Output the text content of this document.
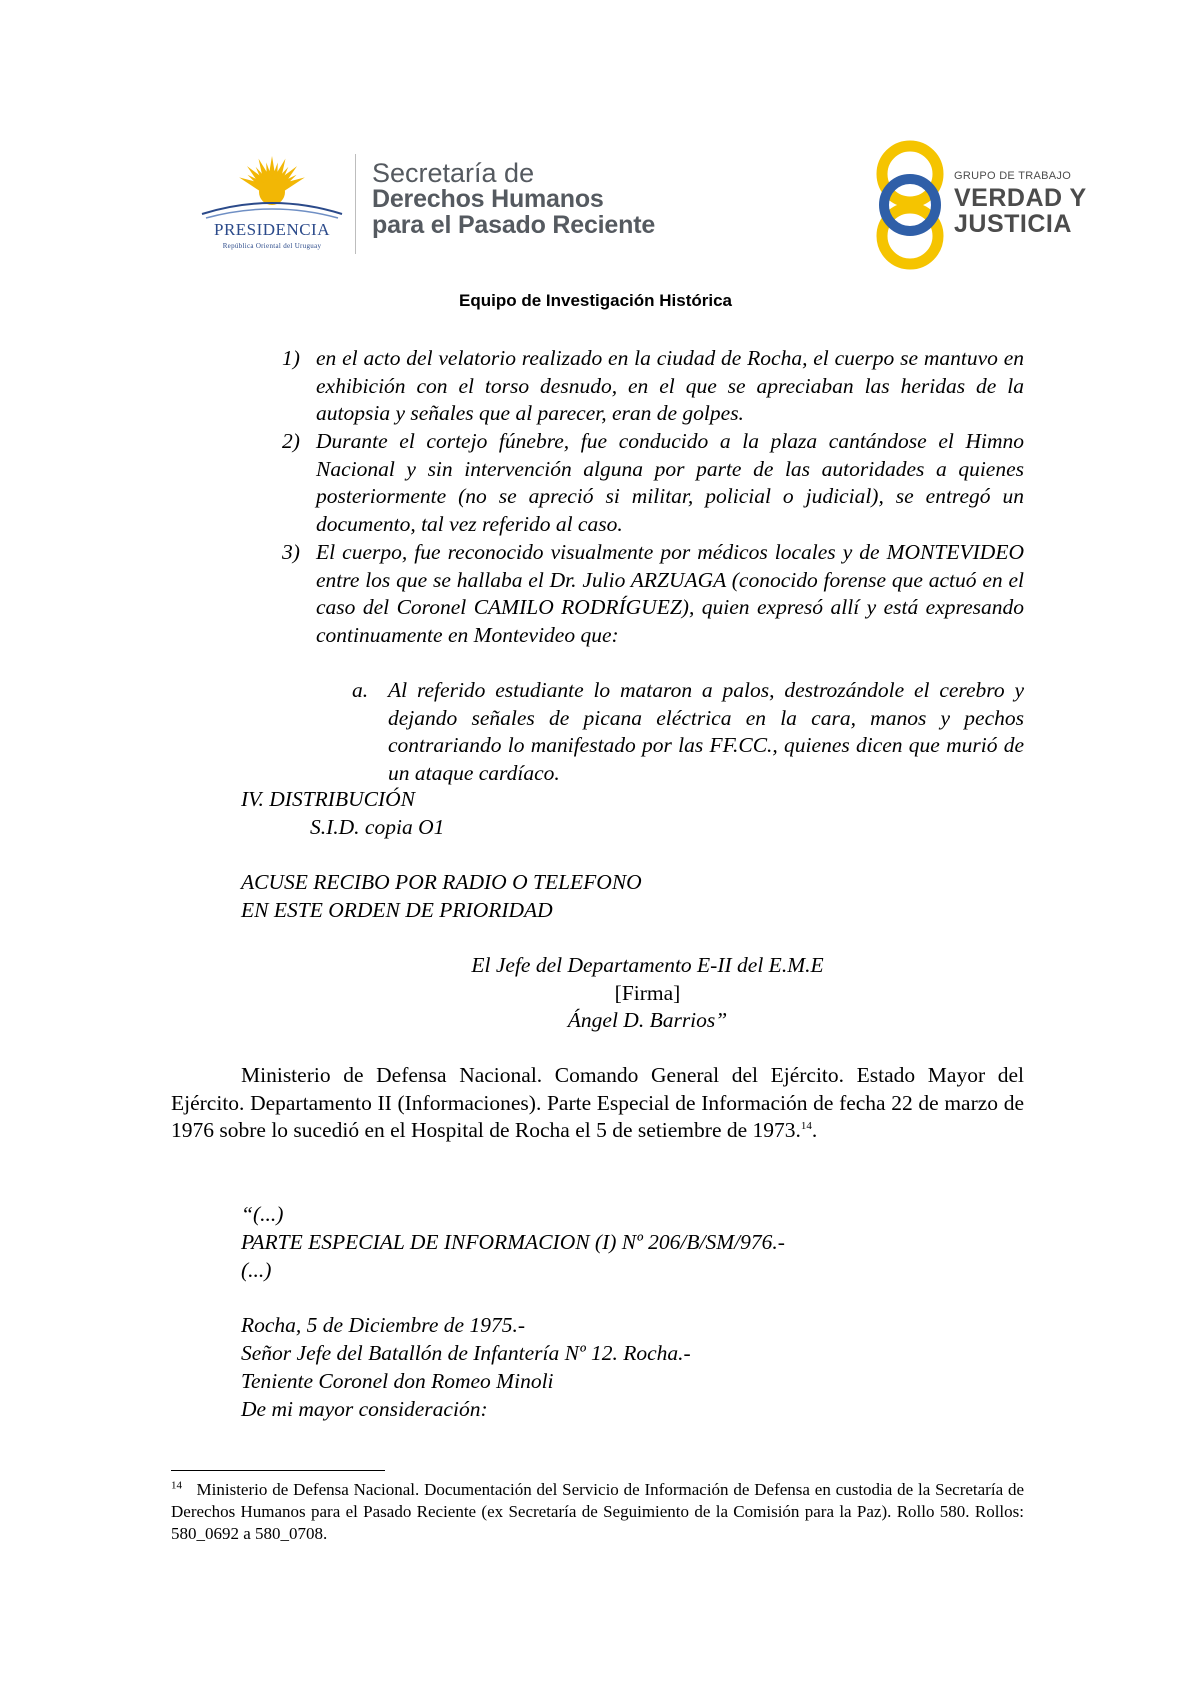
PRESIDENCIA
República Oriental del Uruguay
Secretaría de
Derechos Humanos
para el Pasado Reciente
GRUPO DE TRABAJO
VERDAD Y
JUSTICIA
Equipo de Investigación Histórica
1) en el acto del velatorio realizado en la ciudad de Rocha, el cuerpo se mantuvo en exhibición con el torso desnudo, en el que se apreciaban las heridas de la autopsia y señales que al parecer, eran de golpes.
2) Durante el cortejo fúnebre, fue conducido a la plaza cantándose el Himno Nacional y sin intervención alguna por parte de las autoridades a quienes posteriormente (no se apreció si militar, policial o judicial), se entregó un documento, tal vez referido al caso.
3) El cuerpo, fue reconocido visualmente por médicos locales y de MONTEVIDEO entre los que se hallaba el Dr. Julio ARZUAGA (conocido forense que actuó en el caso del Coronel CAMILO RODRÍGUEZ), quien expresó allí y está expresando continuamente en Montevideo que:
a. Al referido estudiante lo mataron a palos, destrozándole el cerebro y dejando señales de picana eléctrica en la cara, manos y pechos contrariando lo manifestado por las FF.CC., quienes dicen que murió de un ataque cardíaco.
IV. DISTRIBUCIÓN
S.I.D. copia O1
ACUSE RECIBO POR RADIO O TELEFONO
EN ESTE ORDEN DE PRIORIDAD
El Jefe del Departamento E-II del E.M.E
[Firma]
Ángel D. Barrios”
Ministerio de Defensa Nacional. Comando General del Ejército. Estado Mayor del Ejército. Departamento II (Informaciones). Parte Especial de Información de fecha 22 de marzo de 1976 sobre lo sucedió en el Hospital de Rocha el 5 de setiembre de 1973.14.
“(...)
PARTE ESPECIAL DE INFORMACION (I) Nº 206/B/SM/976.-
(...)
Rocha, 5 de Diciembre de 1975.-
Señor Jefe del Batallón de Infantería Nº 12. Rocha.-
Teniente Coronel don Romeo Minoli
De mi mayor consideración:
$^{14}$ Ministerio de Defensa Nacional. Documentación del Servicio de Información de Defensa en custodia de la Secretaría de Derechos Humanos para el Pasado Reciente (ex Secretaría de Seguimiento de la Comisión para la Paz). Rollo 580. Rollos: 580_0692 a 580_0708.
